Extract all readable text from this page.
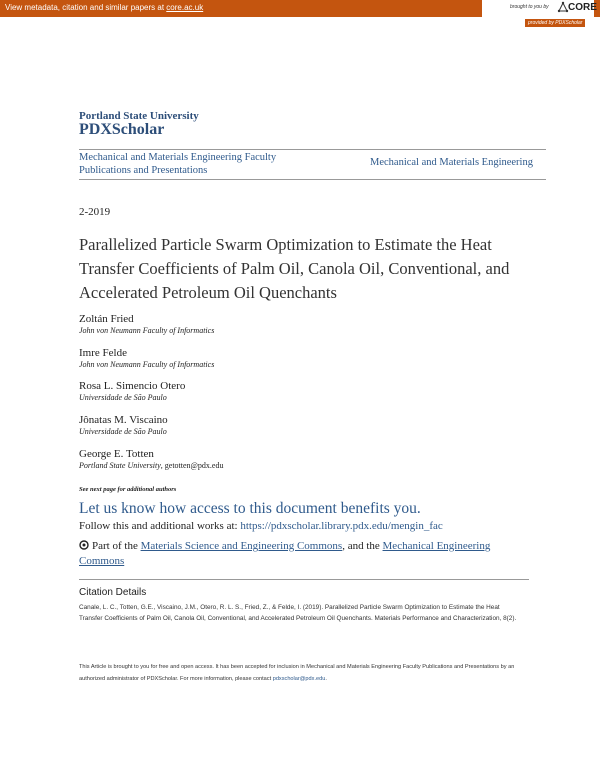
View metadata, citation and similar papers at core.ac.uk	brought to you by CORE
provided by PDXScholar
Portland State University
PDXScholar
Mechanical and Materials Engineering Faculty Publications and Presentations
Mechanical and Materials Engineering
2-2019
Parallelized Particle Swarm Optimization to Estimate the Heat Transfer Coefficients of Palm Oil, Canola Oil, Conventional, and Accelerated Petroleum Oil Quenchants
Zoltán Fried
John von Neumann Faculty of Informatics
Imre Felde
John von Neumann Faculty of Informatics
Rosa L. Simencio Otero
Universidade de São Paulo
Jônatas M. Viscaino
Universidade de São Paulo
George E. Totten
Portland State University, getotten@pdx.edu
See next page for additional authors
Let us know how access to this document benefits you.
Follow this and additional works at: https://pdxscholar.library.pdx.edu/mengin_fac
Part of the Materials Science and Engineering Commons, and the Mechanical Engineering Commons
Citation Details
Canale, L. C., Totten, G.E., Viscaino, J.M., Otero, R. L. S., Fried, Z., & Felde, I. (2019). Parallelized Particle Swarm Optimization to Estimate the Heat Transfer Coefficients of Palm Oil, Canola Oil, Conventional, and Accelerated Petroleum Oil Quenchants. Materials Performance and Characterization, 8(2).
This Article is brought to you for free and open access. It has been accepted for inclusion in Mechanical and Materials Engineering Faculty Publications and Presentations by an authorized administrator of PDXScholar. For more information, please contact pdxscholar@pdx.edu.
